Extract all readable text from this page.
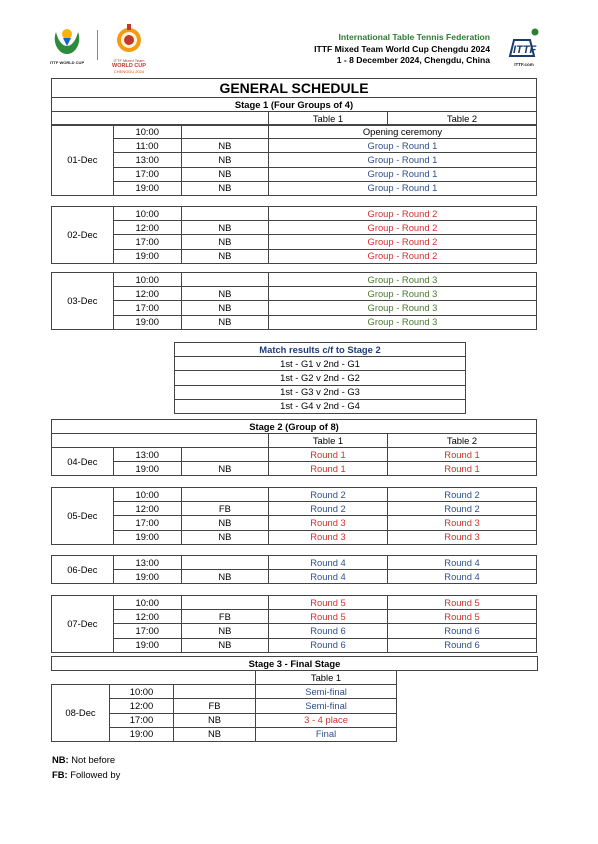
ITTF WORLD CUP	ITTF Mixed Team
WORLD CUP
CHENGDU 2024
International Table Tennis Federation
ITTF Mixed Team World Cup Chengdu 2024
1 - 8 December 2024, Chengdu, China
ITTF
ITTF.com
GENERAL SCHEDULE
Stage 1 (Four Groups of 4)
	Table 1	Table 2
01-Dec	10:00		Opening ceremony
	11:00	NB	Group - Round 1
	13:00	NB	Group - Round 1
	17:00	NB	Group - Round 1
	19:00	NB	Group - Round 1
02-Dec	10:00		Group - Round 2
	12:00	NB	Group - Round 2
	17:00	NB	Group - Round 2
	19:00	NB	Group - Round 2
03-Dec	10:00		Group - Round 3
	12:00	NB	Group - Round 3
	17:00	NB	Group - Round 3
	19:00	NB	Group - Round 3
Match results c/f to Stage 2
1st - G1 v 2nd - G1
1st - G2 v 2nd - G2
1st - G3 v 2nd - G3
1st - G4 v 2nd - G4
Stage 2 (Group of 8)
	Table 1	Table 2
04-Dec	13:00		Round 1	Round 1
	19:00	NB	Round 1	Round 1
05-Dec	10:00		Round 2	Round 2
	12:00	FB	Round 2	Round 2
	17:00	NB	Round 3	Round 3
	19:00	NB	Round 3	Round 3
06-Dec	13:00		Round 4	Round 4
	19:00	NB	Round 4	Round 4
07-Dec	10:00		Round 5	Round 5
	12:00	FB	Round 5	Round 5
	17:00	NB	Round 6	Round 6
	19:00	NB	Round 6	Round 6
Stage 3 - Final Stage
			Table 1
08-Dec	10:00		Semi-final
	12:00	FB	Semi-final
	17:00	NB	3 - 4 place
	19:00	NB	Final
NB: Not before
FB: Followed by
